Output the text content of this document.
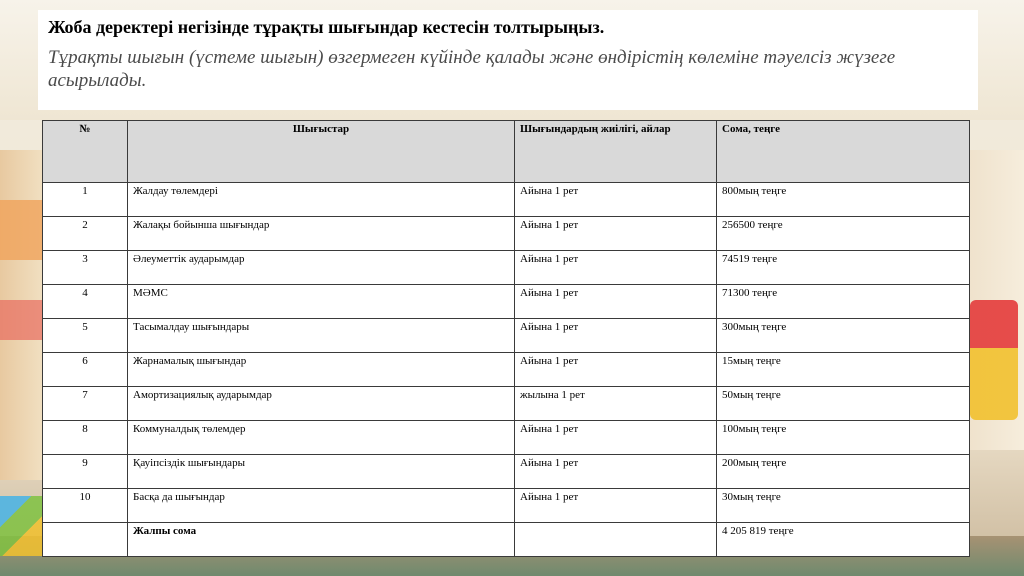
Жоба деректері негізінде тұрақты шығындар кестесін толтырыңыз.

Тұрақты шығын (үстеме шығын) өзгермеген күйінде қалады және өндірістің көлеміне тәуелсіз жүзеге асырылады.

№	Шығыстар	Шығындардың жиілігі, айлар	Сома, теңге
1	Жалдау төлемдері	Айына 1 рет	800мың теңге
2	Жалақы бойынша шығындар	Айына 1 рет	256500 теңге
3	Әлеуметтік аударымдар	Айына 1 рет	74519 теңге
4	МӘМС	Айына 1 рет	71300 теңге
5	Тасымалдау шығындары	Айына 1 рет	300мың теңге
6	Жарнамалық шығындар	Айына 1 рет	15мың теңге
7	Амортизациялық аударымдар	жылына 1 рет	50мың теңге
8	Коммуналдық төлемдер	Айына 1 рет	100мың теңге
9	Қауіпсіздік шығындары	Айына 1 рет	200мың теңге
10	Басқа да шығындар	Айына 1 рет	30мың теңге
	Жалпы сома		4 205 819 теңге
